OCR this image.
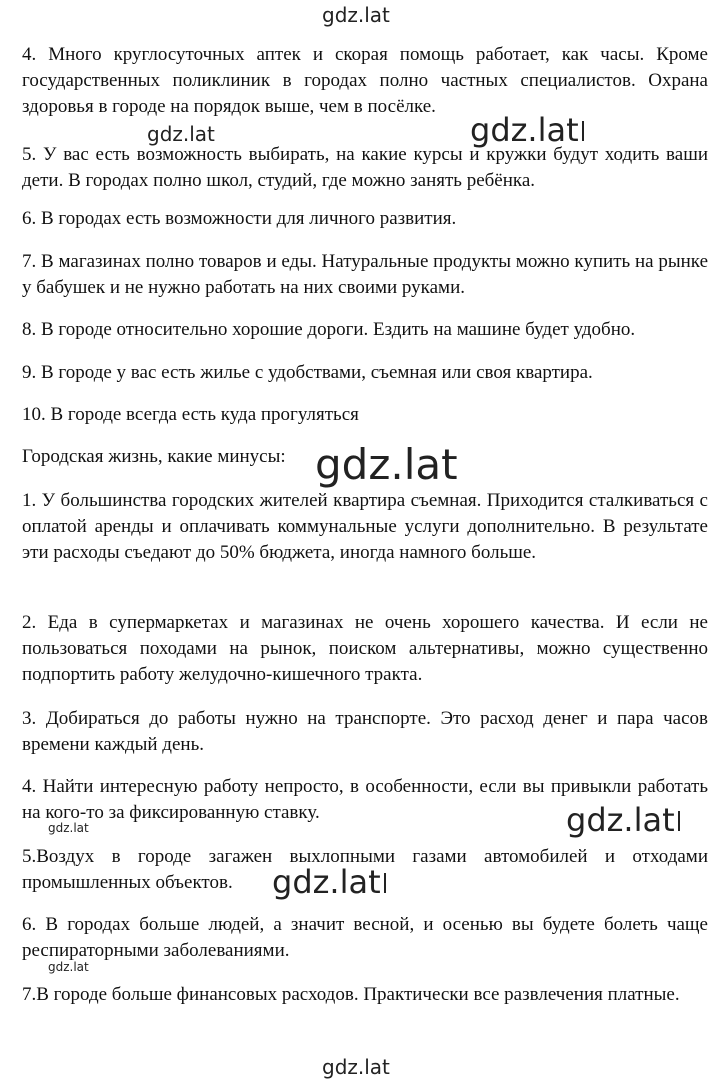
gdz.lat
gdz.lat	gdz.lat
gdz.lat
gdz.lat	gdz.lat
gdz.lat
gdz.lat
gdz.lat

4. Много круглосуточных аптек и скорая помощь работает, как часы. Кроме государственных поликлиник в городах полно частных специалистов. Охрана здоровья в городе на порядок выше, чем в посёлке.

5. У вас есть возможность выбирать, на какие курсы и кружки будут ходить ваши дети. В городах полно школ, студий, где можно занять ребёнка.

6. В городах есть возможности для личного развития.

7. В магазинах полно товаров и еды. Натуральные продукты можно купить на рынке у бабушек и не нужно работать на них своими руками.

8. В городе относительно хорошие дороги. Ездить на машине будет удобно.

9. В городе у вас есть жилье с удобствами, съемная или своя квартира.

10. В городе всегда есть куда прогуляться

Городская жизнь, какие минусы:

1. У большинства городских жителей квартира съемная. Приходится сталкиваться с оплатой аренды и оплачивать коммунальные услуги дополнительно. В результате эти расходы съедают до 50% бюджета, иногда намного больше.

2. Еда в супермаркетах и магазинах не очень хорошего качества. И если не пользоваться походами на рынок, поиском альтернативы, можно существенно подпортить работу желудочно-кишечного тракта.

3. Добираться до работы нужно на транспорте. Это расход денег и пара часов времени каждый день.

4. Найти интересную работу непросто, в особенности, если вы привыкли работать на кого-то за фиксированную ставку.

5.Воздух в городе загажен выхлопными газами автомобилей и отходами промышленных объектов.

6. В городах больше людей, а значит весной, и осенью вы будете болеть чаще респираторными заболеваниями.

7.В городе больше финансовых расходов. Практически все развлечения платные.
